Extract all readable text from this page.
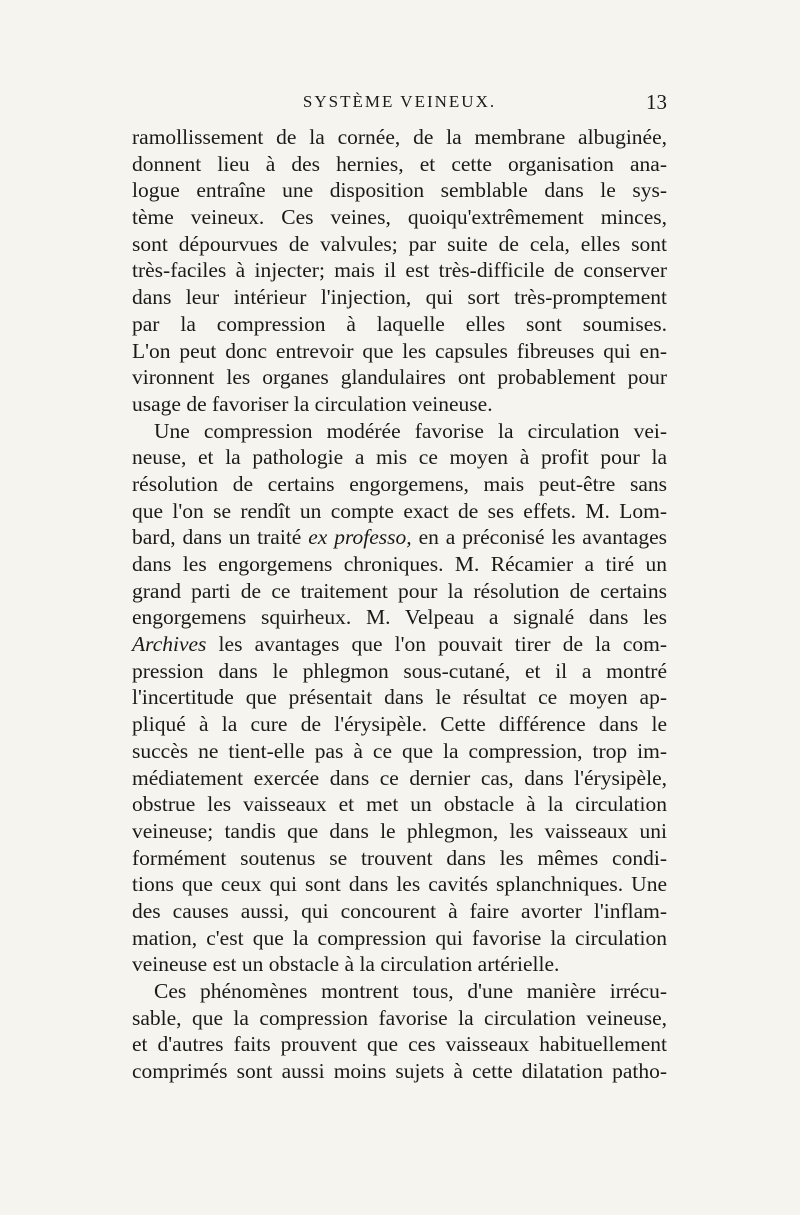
SYSTÈME VEINEUX.	13
ramollissement de la cornée, de la membrane albuginée,
donnent lieu à des hernies, et cette organisation ana-
logue entraîne une disposition semblable dans le sys-
tème veineux. Ces veines, quoiqu'extrêmement minces,
sont dépourvues de valvules; par suite de cela, elles sont
très-faciles à injecter; mais il est très-difficile de conserver
dans leur intérieur l'injection, qui sort très-promptement
par la compression à laquelle elles sont soumises.
L'on peut donc entrevoir que les capsules fibreuses qui en-
vironnent les organes glandulaires ont probablement pour
usage de favoriser la circulation veineuse.
Une compression modérée favorise la circulation vei-
neuse, et la pathologie a mis ce moyen à profit pour la
résolution de certains engorgemens, mais peut-être sans
que l'on se rendît un compte exact de ses effets. M. Lom-
bard, dans un traité ex professo, en a préconisé les avantages
dans les engorgemens chroniques. M. Récamier a tiré un
grand parti de ce traitement pour la résolution de certains
engorgemens squirheux. M. Velpeau a signalé dans les
Archives les avantages que l'on pouvait tirer de la com-
pression dans le phlegmon sous-cutané, et il a montré
l'incertitude que présentait dans le résultat ce moyen ap-
pliqué à la cure de l'érysipèle. Cette différence dans le
succès ne tient-elle pas à ce que la compression, trop im-
médiatement exercée dans ce dernier cas, dans l'érysipèle,
obstrue les vaisseaux et met un obstacle à la circulation
veineuse; tandis que dans le phlegmon, les vaisseaux uni
formément soutenus se trouvent dans les mêmes condi-
tions que ceux qui sont dans les cavités splanchniques. Une
des causes aussi, qui concourent à faire avorter l'inflam-
mation, c'est que la compression qui favorise la circulation
veineuse est un obstacle à la circulation artérielle.
Ces phénomènes montrent tous, d'une manière irrécu-
sable, que la compression favorise la circulation veineuse,
et d'autres faits prouvent que ces vaisseaux habituellement
comprimés sont aussi moins sujets à cette dilatation patho-
